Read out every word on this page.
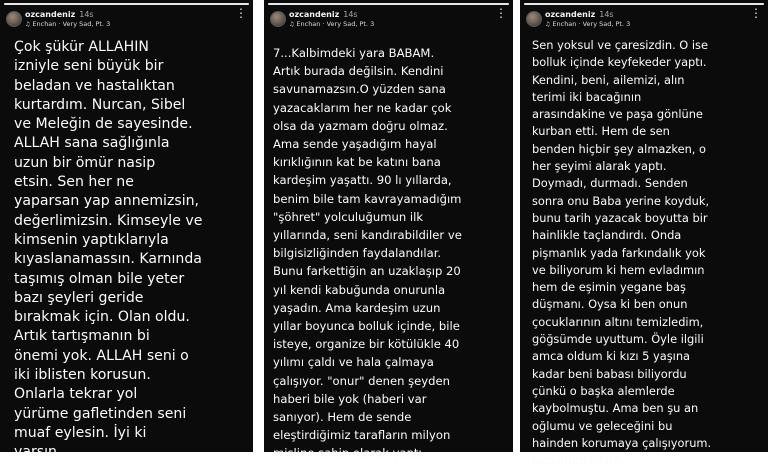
ozcandeniz 14s
♫ Enchan · Very Sad, Pt. 3
⋮

Çok şükür ALLAHIN
izniyle seni büyük bir
beladan ve hastalıktan
kurtardım. Nurcan, Sibel
ve Meleğin de sayesinde.
ALLAH sana sağlığınla
uzun bir ömür nasip
etsin. Sen her ne
yaparsan yap annemizsin,
değerlimizsin. Kimseyle ve
kimsenin yaptıklarıyla
kıyaslanamassın. Karnında
taşımış olman bile yeter
bazı şeyleri geride
bırakmak için. Olan oldu.
Artık tartışmanın bi
önemi yok. ALLAH seni o
iki iblisten korusun.
Onlarla tekrar yol
yürüme gafletinden seni
muaf eylesin. İyi ki
varsın.

ozcandeniz 14s
♫ Enchan · Very Sad, Pt. 3
⋮

7...Kalbimdeki yara BABAM.
Artık burada değilsin. Kendini
savunamazsın.O yüzden sana
yazacaklarım her ne kadar çok
olsa da yazmam doğru olmaz.
Ama sende yaşadığım hayal
kırıklığının kat be katını bana
kardeşim yaşattı. 90 lı yıllarda,
benim bile tam kavrayamadığım
"şöhret" yolculuğumun ilk
yıllarında, seni kandırabildiler ve
bilgisizliğinden faydalandılar.
Bunu farkettiğin an uzaklaşıp 20
yıl kendi kabuğunda onurunla
yaşadın. Ama kardeşim uzun
yıllar boyunca bolluk içinde, bile
isteye, organize bir kötülükle 40
yılımı çaldı ve hala çalmaya
çalışıyor. "onur" denen şeyden
haberi bile yok (haberi var
sanıyor). Hem de sende
eleştirdiğimiz tarafların milyon
misline sahip olarak yaptı.

ozcandeniz 14s
♫ Enchan · Very Sad, Pt. 3
⋮

Sen yoksul ve çaresizdin. O ise
bolluk içinde keyfekeder yaptı.
Kendini, beni, ailemizi, alın
terimi iki bacağının
arasındakine ve paşa gönlüne
kurban etti. Hem de sen
benden hiçbir şey almazken, o
her şeyimi alarak yaptı.
Doymadı, durmadı. Senden
sonra onu Baba yerine koyduk,
bunu tarih yazacak boyutta bir
hainlikle taçlandırdı. Onda
pişmanlık yada farkındalık yok
ve biliyorum ki hem evladımın
hem de eşimin yegane baş
düşmanı. Oysa ki ben onun
çocuklarının altını temizledim,
göğsümde uyuttum. Öyle ilgili
amca oldum ki kızı 5 yaşına
kadar beni babası biliyordu
çünkü o başka alemlerde
kaybolmuştu. Ama ben şu an
oğlumu ve geleceğini bu
hainden korumaya çalışıyorum.
Üzgünüm BABA.
